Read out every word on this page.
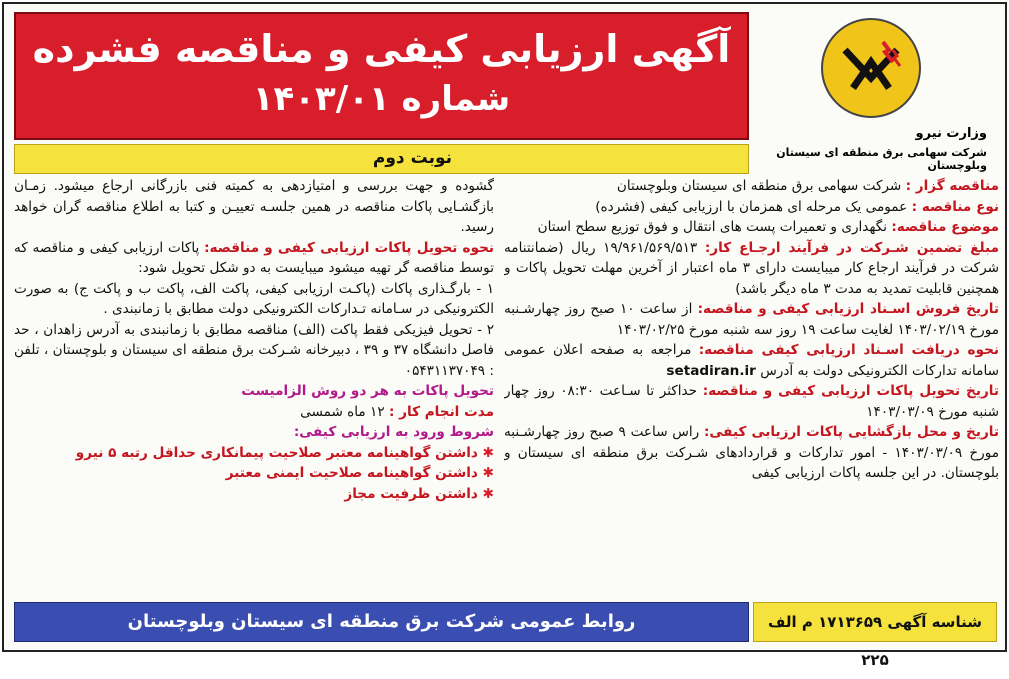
آگهی ارزیابی کیفی و مناقصه فشرده
شماره ۱۴۰۳/۰۱
وزارت نیرو
شرکت سهامی برق منطقه ای سیستان وبلوچستان
نوبت دوم

مناقصه گزار : شرکت سهامی برق منطقه ای سیستان وبلوچستان

نوع مناقصه : عمومی یک مرحله ای همزمان با ارزیابی کیفی (فشرده)

موضوع مناقصه: نگهداری و تعمیرات پست های انتقال و فوق توزیع سطح استان

مبلغ تضمین شـرکت در فرآیند ارجـاع کار: ۱۹/۹۶۱/۵۶۹/۵۱۳ ریال (ضمانتنامه شرکت در فرآیند ارجاع کار میبایست دارای ۳ ماه اعتبار از آخرین مهلت تحویل پاکات و همچنین قابلیت تمدید به مدت ۳ ماه دیگر باشد)

تاریخ فروش اسـناد ارزیابی کیفی و مناقصه: از ساعت ۱۰ صبح روز چهارشـنبه مورخ ۱۴۰۳/۰۲/۱۹ لغایت ساعت ۱۹ روز سه شنبه مورخ ۱۴۰۳/۰۲/۲۵

نحوه دریافت اسـناد ارزیابی کیفی مناقصه: مراجعه به صفحه اعلان عمومی سامانه تدارکات الکترونیکی دولت به آدرس setadiran.ir

تاریخ تحویل پاکات ارزیابی کیفی و مناقصه: حداکثر تا سـاعت ۰۸:۳۰ روز چهار شنبه مورخ ۱۴۰۳/۰۳/۰۹

تاریخ و محل بازگشایی پاکات ارزیابی کیفی: راس ساعت ۹ صبح روز چهارشـنبه مورخ ۱۴۰۳/۰۳/۰۹ - امور تدارکات و قراردادهای شـرکت برق منطقه ای سیستان و بلوچستان. در این جلسه پاکات ارزیابی کیفی

گشوده و جهت بررسی و امتیازدهی به کمیته فنی بازرگانی ارجاع میشود. زمـان بازگشـایی پاکات مناقصه در همین جلسـه تعییـن و کتبا به اطلاع مناقصه گران خواهد رسید.

نحوه تحویل پاکات ارزیابی کیفی و مناقصه: پاکات ارزیابی کیفی و مناقصه که توسط مناقصه گر تهیه میشود میبایست به دو شکل تحویل شود:

۱ - بارگـذاری پاکات (پاکـت ارزیابی کیفی، پاکت الف، پاکت ب و پاکت ج) به صورت الکترونیکی در سـامانه تـدارکات الکترونیکی دولت مطابق با زمانبندی .

۲ - تحویل فیزیکی فقط پاکت (الف) مناقصه مطابق با زمانبندی به آدرس زاهدان ، حد فاصل دانشگاه ۳۷ و ۳۹ ، دبیرخانه شـرکت برق منطقه ای سیستان و بلوچستان ، تلفن : ۰۵۴۳۱۱۳۷۰۴۹

تحویل پاکات به هر دو روش الزامیست

مدت انجام کار : ۱۲ ماه شمسی

شروط ورود به ارزیابی کیفی:

✱ داشتن گواهینامه معتبر صلاحیت پیمانکاری حداقل رتبه ۵ نیرو

✱ داشتن گواهینامه صلاحیت ایمنی معتبر

✱ داشتن ظرفیت مجاز

شناسه آگهی ۱۷۱۳۶۵۹ م الف ۲۲۵
روابط عمومی شرکت برق منطقه ای سیستان وبلوچستان
